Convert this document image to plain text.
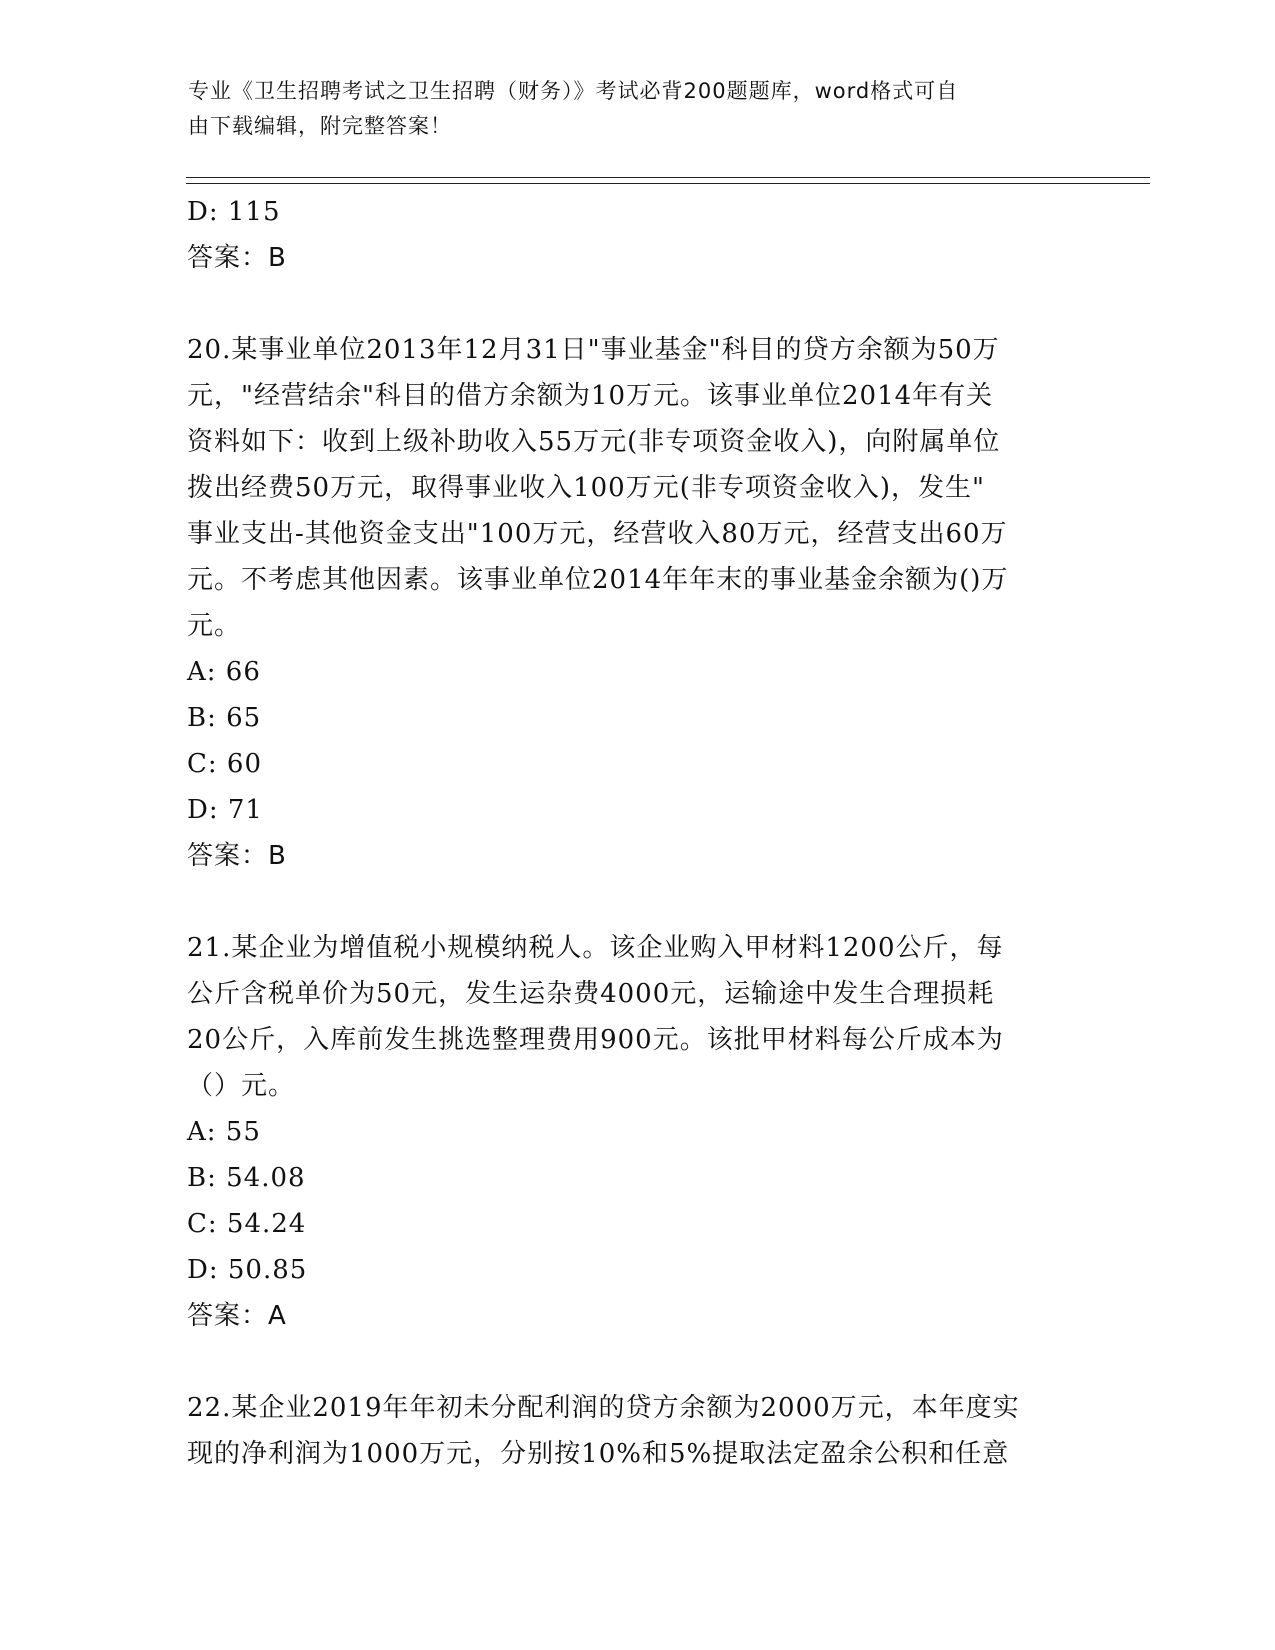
专业《卫生招聘考试之卫生招聘（财务）》考试必背200题题库，word格式可自
由下载编辑，附完整答案！
D: 115
答案：B
20.某事业单位2013年12月31日"事业基金"科目的贷方余额为50万
元，"经营结余"科目的借方余额为10万元。该事业单位2014年有关
资料如下：收到上级补助收入55万元(非专项资金收入)，向附属单位
拨出经费50万元，取得事业收入100万元(非专项资金收入)，发生"
事业支出-其他资金支出"100万元，经营收入80万元，经营支出60万
元。不考虑其他因素。该事业单位2014年年末的事业基金余额为()万
元。
A: 66
B: 65
C: 60
D: 71
答案：B
21.某企业为增值税小规模纳税人。该企业购入甲材料1200公斤，每
公斤含税单价为50元，发生运杂费4000元，运输途中发生合理损耗
20公斤，入库前发生挑选整理费用900元。该批甲材料每公斤成本为
（）元。
A: 55
B: 54.08
C: 54.24
D: 50.85
答案：A
22.某企业2019年年初未分配利润的贷方余额为2000万元，本年度实
现的净利润为1000万元，分别按10%和5%提取法定盈余公积和任意
